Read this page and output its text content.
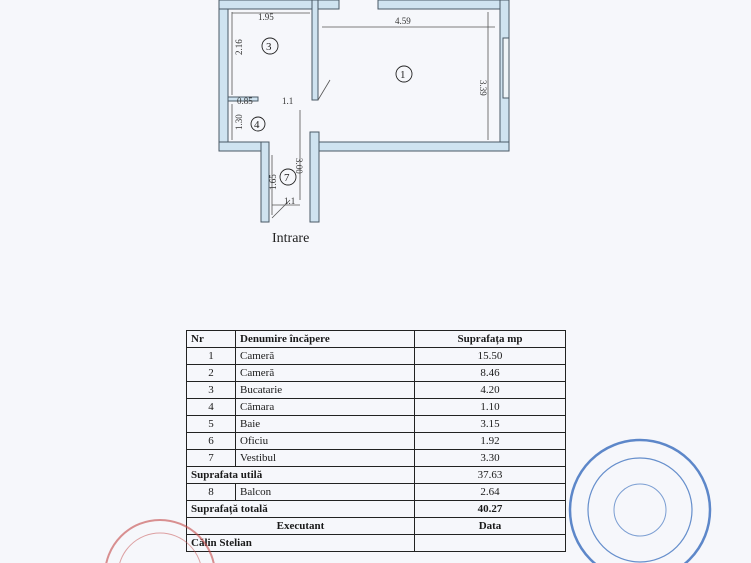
1.95	4.59
2.16
3.39
0.85	1.1
1.30
3.00
1.65
1.1
1
3
4
7
Intrare
Nr	Denumire încăpere	Suprafața mp
1	Cameră	15.50
2	Cameră	8.46
3	Bucatarie	4.20
4	Cămara	1.10
5	Baie	3.15
6	Oficiu	1.92
7	Vestibul	3.30
Suprafata utilă		37.63
8	Balcon	2.64
Suprafață totală		40.27
Executant		Data
Călin Stelian		
